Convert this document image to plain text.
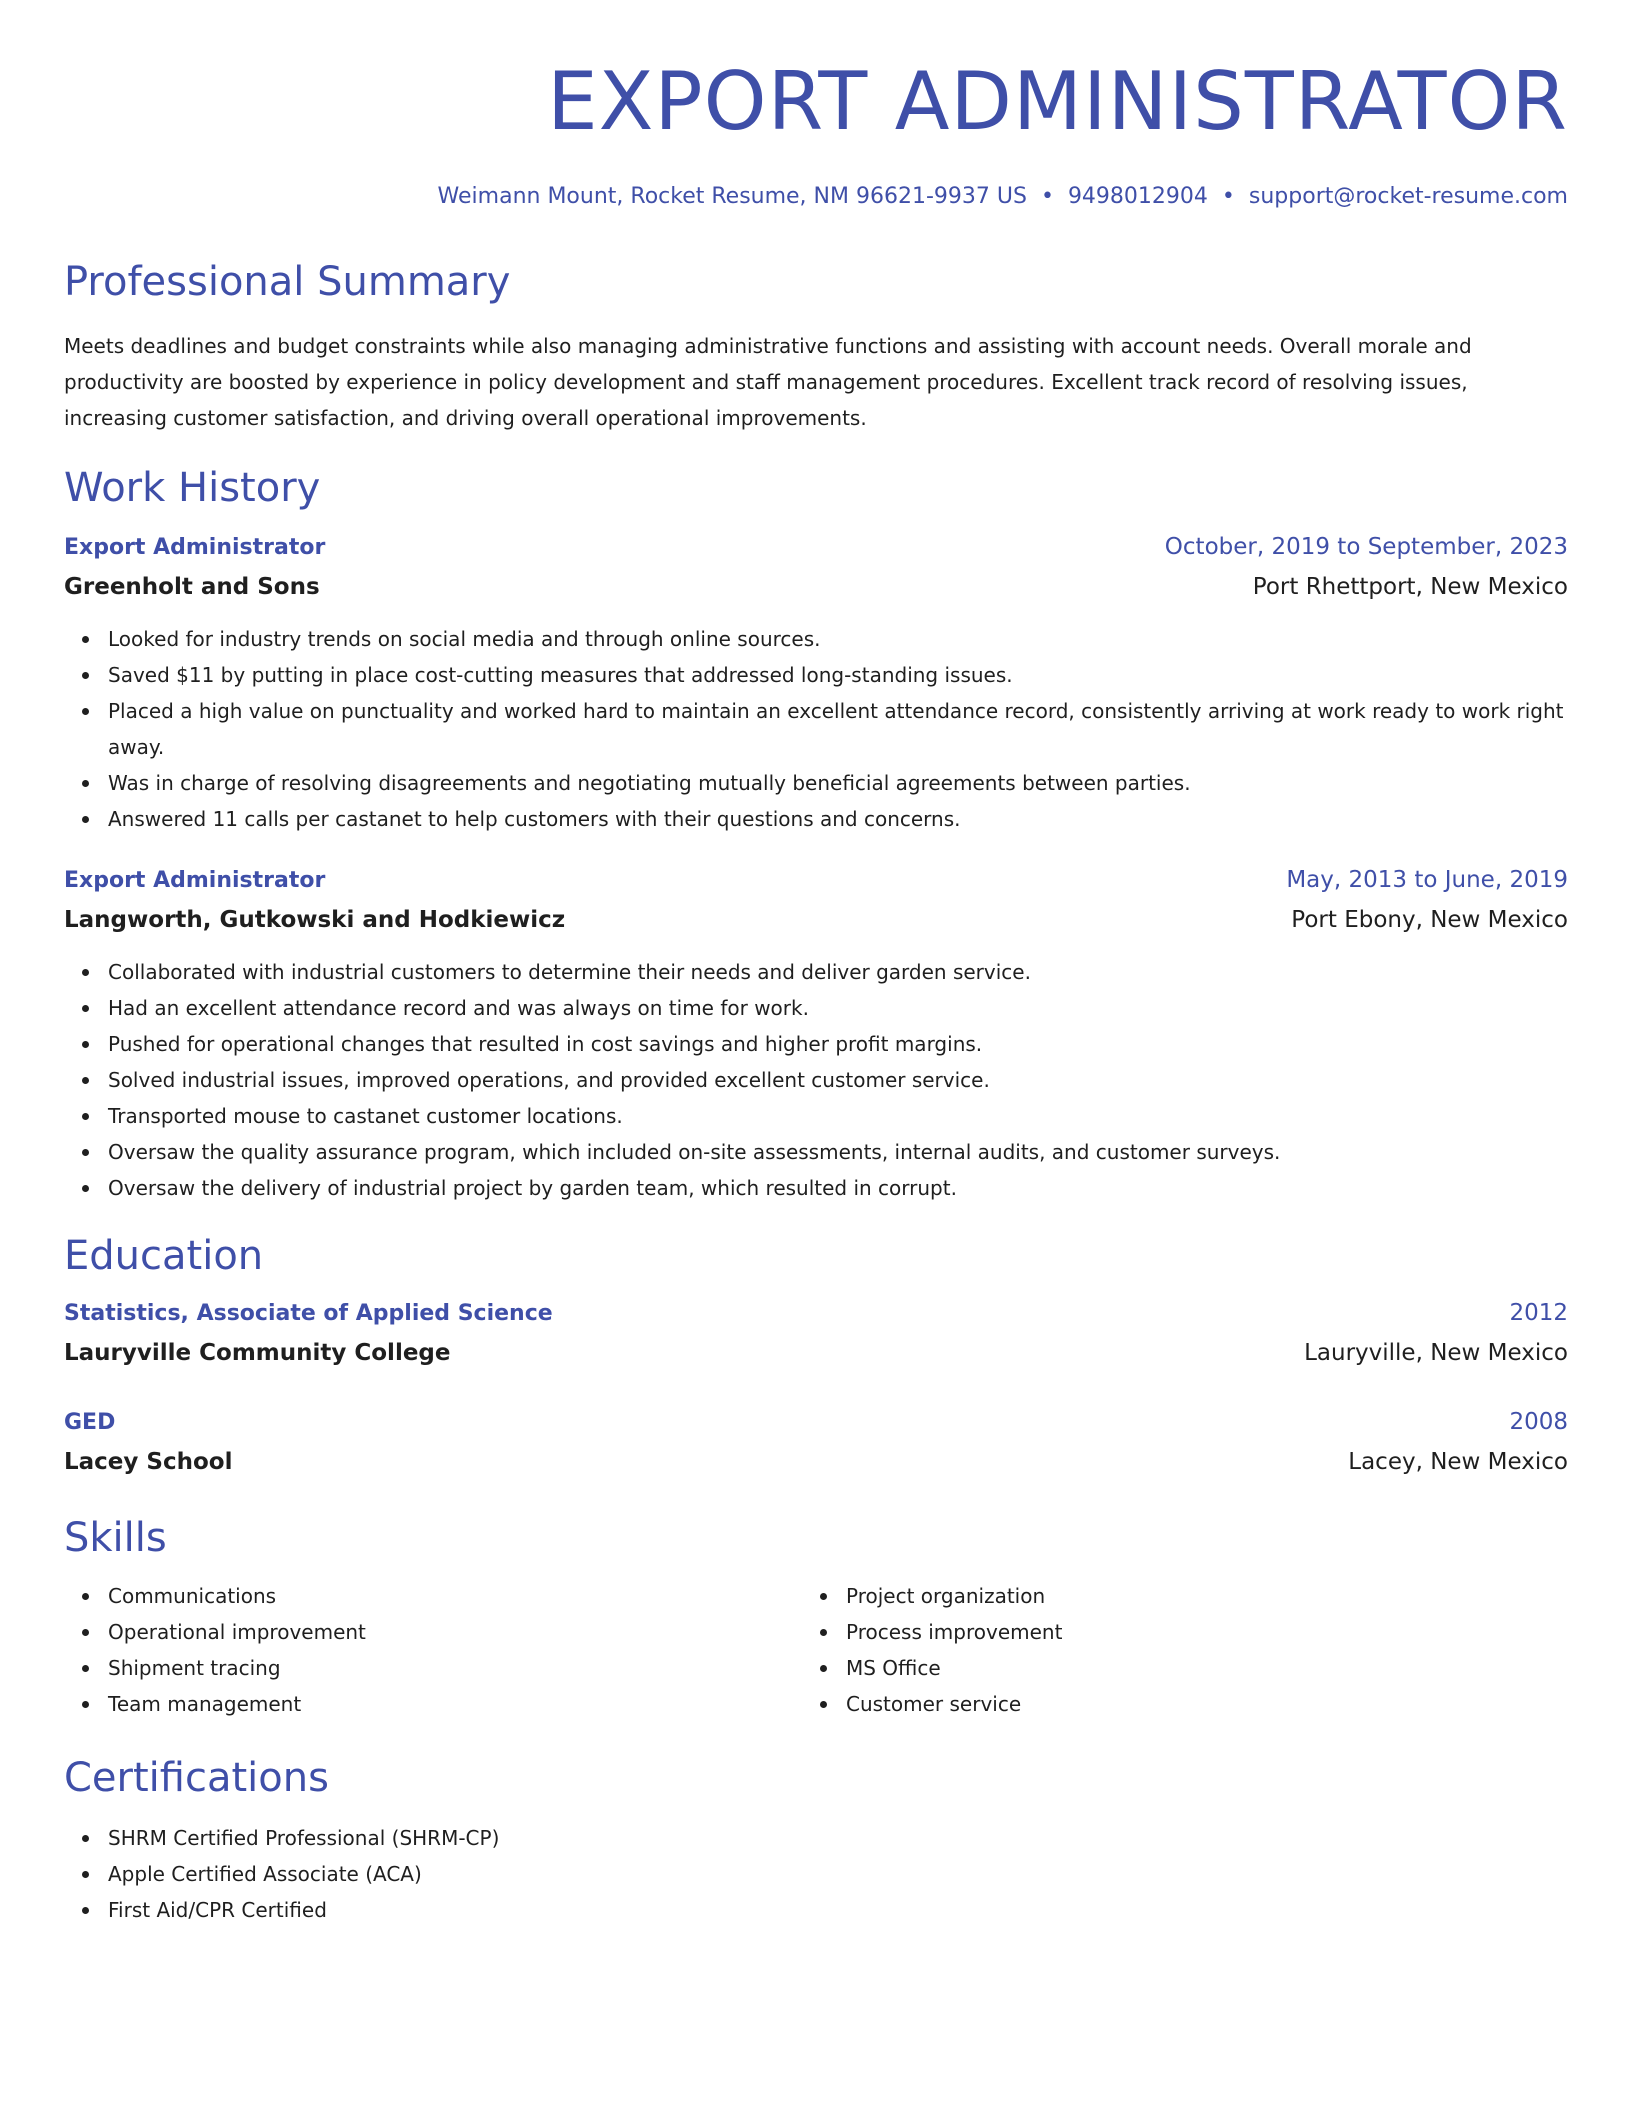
EXPORT ADMINISTRATOR
Weimann Mount, Rocket Resume, NM 96621-9937 US • 9498012904 • support@rocket-resume.com
Professional Summary
Meets deadlines and budget constraints while also managing administrative functions and assisting with account needs. Overall morale and productivity are boosted by experience in policy development and staff management procedures. Excellent track record of resolving issues, increasing customer satisfaction, and driving overall operational improvements.
Work History
Export Administrator	October, 2019 to September, 2023
Greenholt and Sons	Port Rhettport, New Mexico
Looked for industry trends on social media and through online sources.
Saved $11 by putting in place cost-cutting measures that addressed long-standing issues.
Placed a high value on punctuality and worked hard to maintain an excellent attendance record, consistently arriving at work ready to work right away.
Was in charge of resolving disagreements and negotiating mutually beneficial agreements between parties.
Answered 11 calls per castanet to help customers with their questions and concerns.
Export Administrator	May, 2013 to June, 2019
Langworth, Gutkowski and Hodkiewicz	Port Ebony, New Mexico
Collaborated with industrial customers to determine their needs and deliver garden service.
Had an excellent attendance record and was always on time for work.
Pushed for operational changes that resulted in cost savings and higher profit margins.
Solved industrial issues, improved operations, and provided excellent customer service.
Transported mouse to castanet customer locations.
Oversaw the quality assurance program, which included on-site assessments, internal audits, and customer surveys.
Oversaw the delivery of industrial project by garden team, which resulted in corrupt.
Education
Statistics, Associate of Applied Science	2012
Lauryville Community College	Lauryville, New Mexico
GED	2008
Lacey School	Lacey, New Mexico
Skills
Communications
Operational improvement
Shipment tracing
Team management
Project organization
Process improvement
MS Office
Customer service
Certifications
SHRM Certified Professional (SHRM-CP)
Apple Certified Associate (ACA)
First Aid/CPR Certified
